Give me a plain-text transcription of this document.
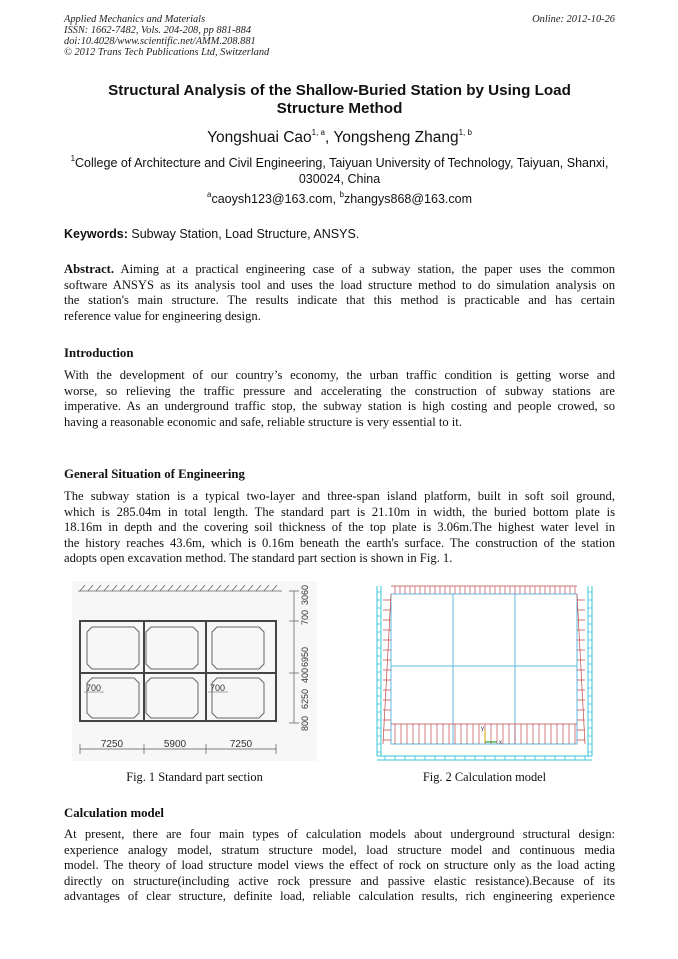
Applied Mechanics and Materials
ISSN: 1662-7482, Vols. 204-208, pp 881-884
doi:10.4028/www.scientific.net/AMM.208.881
© 2012 Trans Tech Publications Ltd, Switzerland
Online: 2012-10-26
Structural Analysis of the Shallow-Buried Station by Using Load
Structure Method
Yongshuai Cao$^{1, a}$, Yongsheng Zhang$^{1, b}$
$^1$College of Architecture and Civil Engineering, Taiyuan University of Technology, Taiyuan, Shanxi,
030024, China
$^a$caoysh123@163.com, $^b$zhangys868@163.com
Keywords: Subway Station, Load Structure, ANSYS.
Abstract. Aiming at a practical engineering case of a subway station, the paper uses the common
software ANSYS as its analysis tool and uses the load structure method to do simulation analysis on
the station's main structure. The results indicate that this method is practicable and has certain
reference value for engineering design.
Introduction
With the development of our country’s economy, the urban traffic condition is getting worse and
worse, so relieving the traffic pressure and accelerating the construction of subway stations are
imperative. As an underground traffic stop, the subway station is high costing and people crowed, so
having a reasonable economic and safe, reliable structure is very essential to it.
General Situation of Engineering
The subway station is a typical two-layer and three-span island platform, built in soft soil ground,
which is 285.04m in total length. The standard part is 21.10m in width, the buried bottom plate is
18.16m in depth and the covering soil thickness of the top plate is 3.06m.The highest water level in
the history reaches 43.6m, which is 0.16m beneath the earth's surface. The construction of the station
adopts open excavation method. The standard part section is shown in Fig. 1.
700	700
7250	5900	7250
700
3060
6950
400
6250
800
Fig. 1 Standard part section
x
y
Fig. 2 Calculation model
Calculation model
At present, there are four main types of calculation models about underground structural design:
experience analogy model, stratum structure model, load structure model and continuous media
model. The theory of load structure model views the effect of rock on structure only as the load acting
directly on structure(including active rock pressure and passive elastic resistance).Because of its
advantages of clear structure, definite load, reliable calculation results, rich engineering experience
